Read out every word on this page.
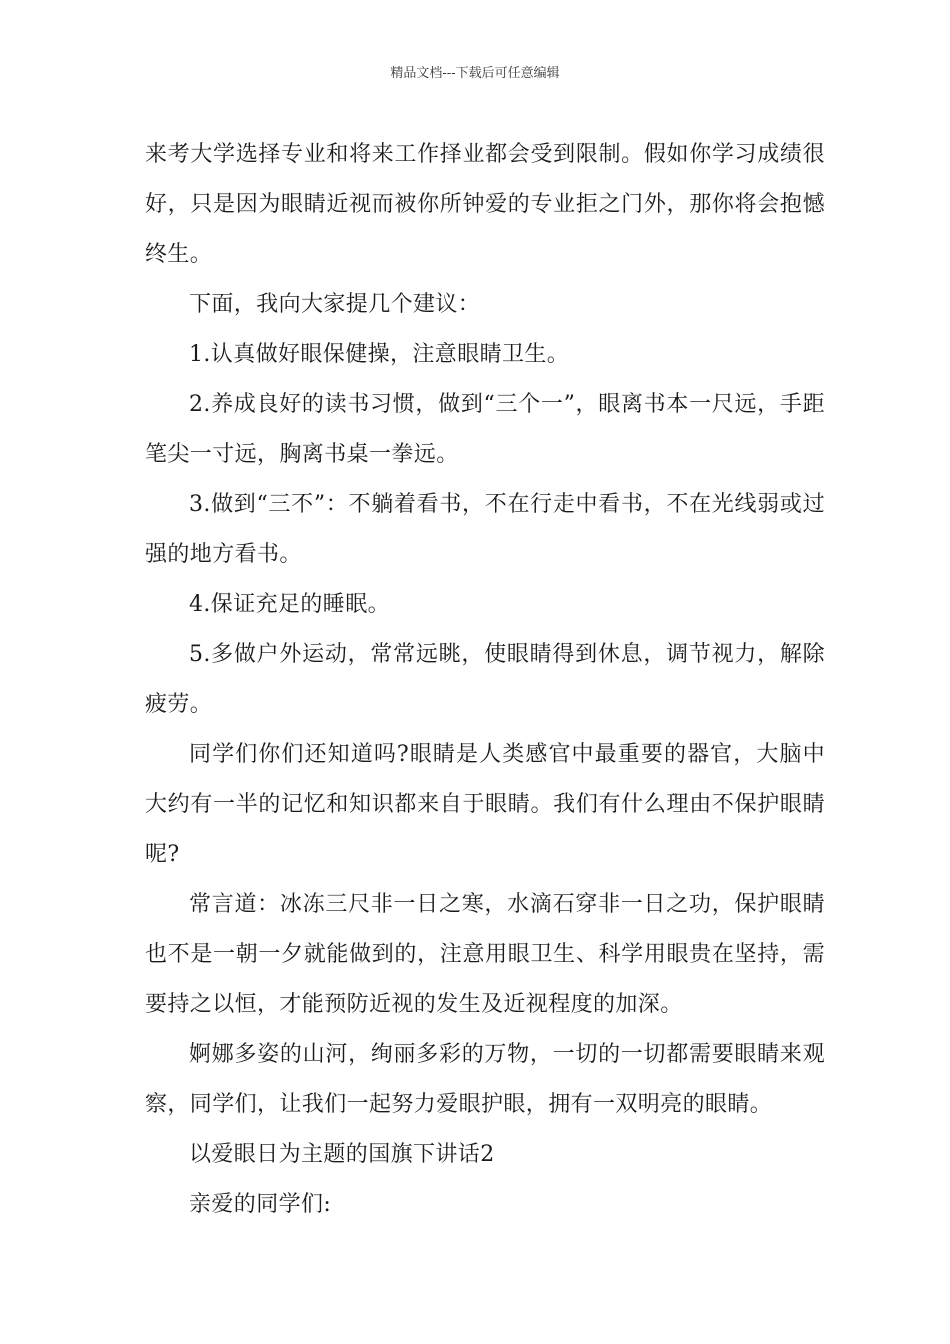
精品文档---下载后可任意编辑

来考大学选择专业和将来工作择业都会受到限制。假如你学习成绩很好，只是因为眼睛近视而被你所钟爱的专业拒之门外，那你将会抱憾终生。

下面，我向大家提几个建议：

1.认真做好眼保健操，注意眼睛卫生。

2.养成良好的读书习惯，做到“三个一”，眼离书本一尺远，手距笔尖一寸远，胸离书桌一拳远。

3.做到“三不”：不躺着看书，不在行走中看书，不在光线弱或过强的地方看书。

4.保证充足的睡眠。

5.多做户外运动，常常远眺，使眼睛得到休息，调节视力，解除疲劳。

同学们你们还知道吗?眼睛是人类感官中最重要的器官，大脑中大约有一半的记忆和知识都来自于眼睛。我们有什么理由不保护眼睛呢?

常言道：冰冻三尺非一日之寒，水滴石穿非一日之功，保护眼睛也不是一朝一夕就能做到的，注意用眼卫生、科学用眼贵在坚持，需要持之以恒，才能预防近视的发生及近视程度的加深。

婀娜多姿的山河，绚丽多彩的万物，一切的一切都需要眼睛来观察，同学们，让我们一起努力爱眼护眼，拥有一双明亮的眼睛。

以爱眼日为主题的国旗下讲话2

亲爱的同学们:
